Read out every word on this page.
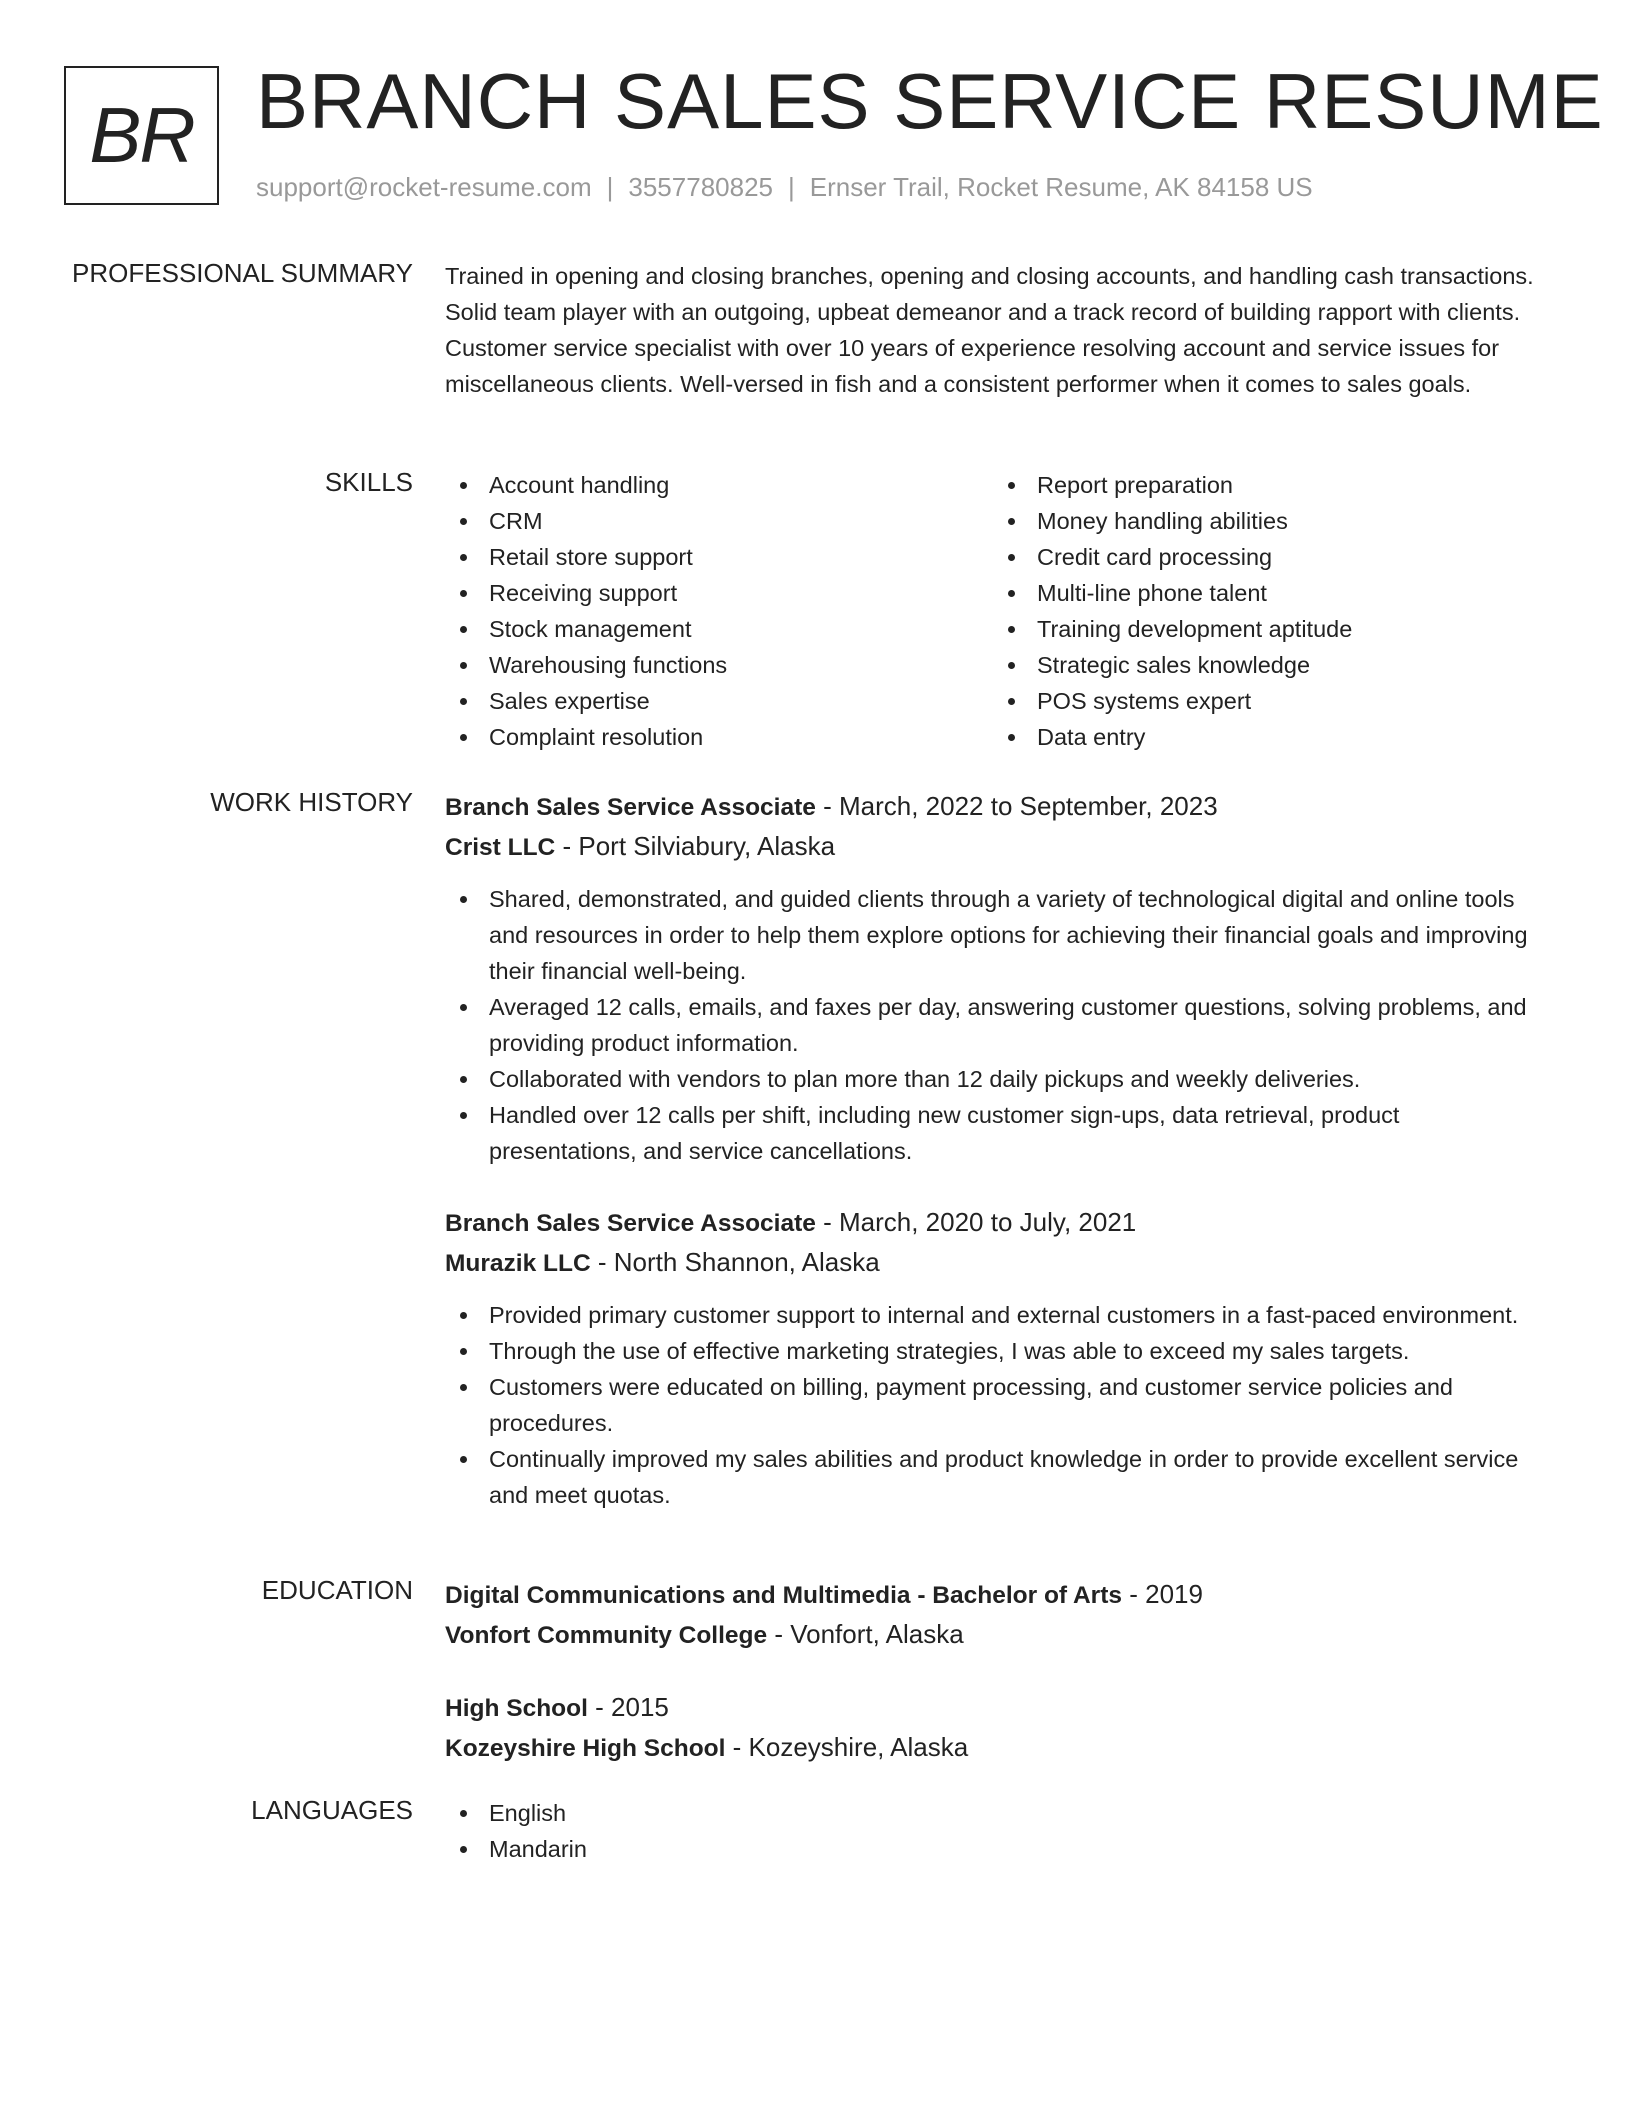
BR BRANCH SALES SERVICE RESUME
support@rocket-resume.com | 3557780825 | Ernser Trail, Rocket Resume, AK 84158 US
PROFESSIONAL SUMMARY Trained in opening and closing branches, opening and closing accounts, and handling cash transactions. Solid team player with an outgoing, upbeat demeanor and a track record of building rapport with clients. Customer service specialist with over 10 years of experience resolving account and service issues for miscellaneous clients. Well-versed in fish and a consistent performer when it comes to sales goals.

SKILLS	Account handling
CRM
Retail store support
Receiving support
Stock management
Warehousing functions
Sales expertise
Complaint resolution
Report preparation
Money handling abilities
Credit card processing
Multi-line phone talent
Training development aptitude
Strategic sales knowledge
POS systems expert
Data entry
WORK HISTORY Branch Sales Service Associate - March, 2022 to September, 2023
Crist LLC - Port Silviabury, Alaska
Shared, demonstrated, and guided clients through a variety of technological digital and online tools and resources in order to help them explore options for achieving their financial goals and improving their financial well-being.
Averaged 12 calls, emails, and faxes per day, answering customer questions, solving problems, and providing product information.
Collaborated with vendors to plan more than 12 daily pickups and weekly deliveries.
Handled over 12 calls per shift, including new customer sign-ups, data retrieval, product presentations, and service cancellations.
Branch Sales Service Associate - March, 2020 to July, 2021
Murazik LLC - North Shannon, Alaska
Provided primary customer support to internal and external customers in a fast-paced environment.
Through the use of effective marketing strategies, I was able to exceed my sales targets.
Customers were educated on billing, payment processing, and customer service policies and procedures.
Continually improved my sales abilities and product knowledge in order to provide excellent service and meet quotas.
EDUCATION Digital Communications and Multimedia - Bachelor of Arts - 2019
Vonfort Community College - Vonfort, Alaska
High School - 2015
Kozeyshire High School - Kozeyshire, Alaska
LANGUAGES	English
Mandarin
